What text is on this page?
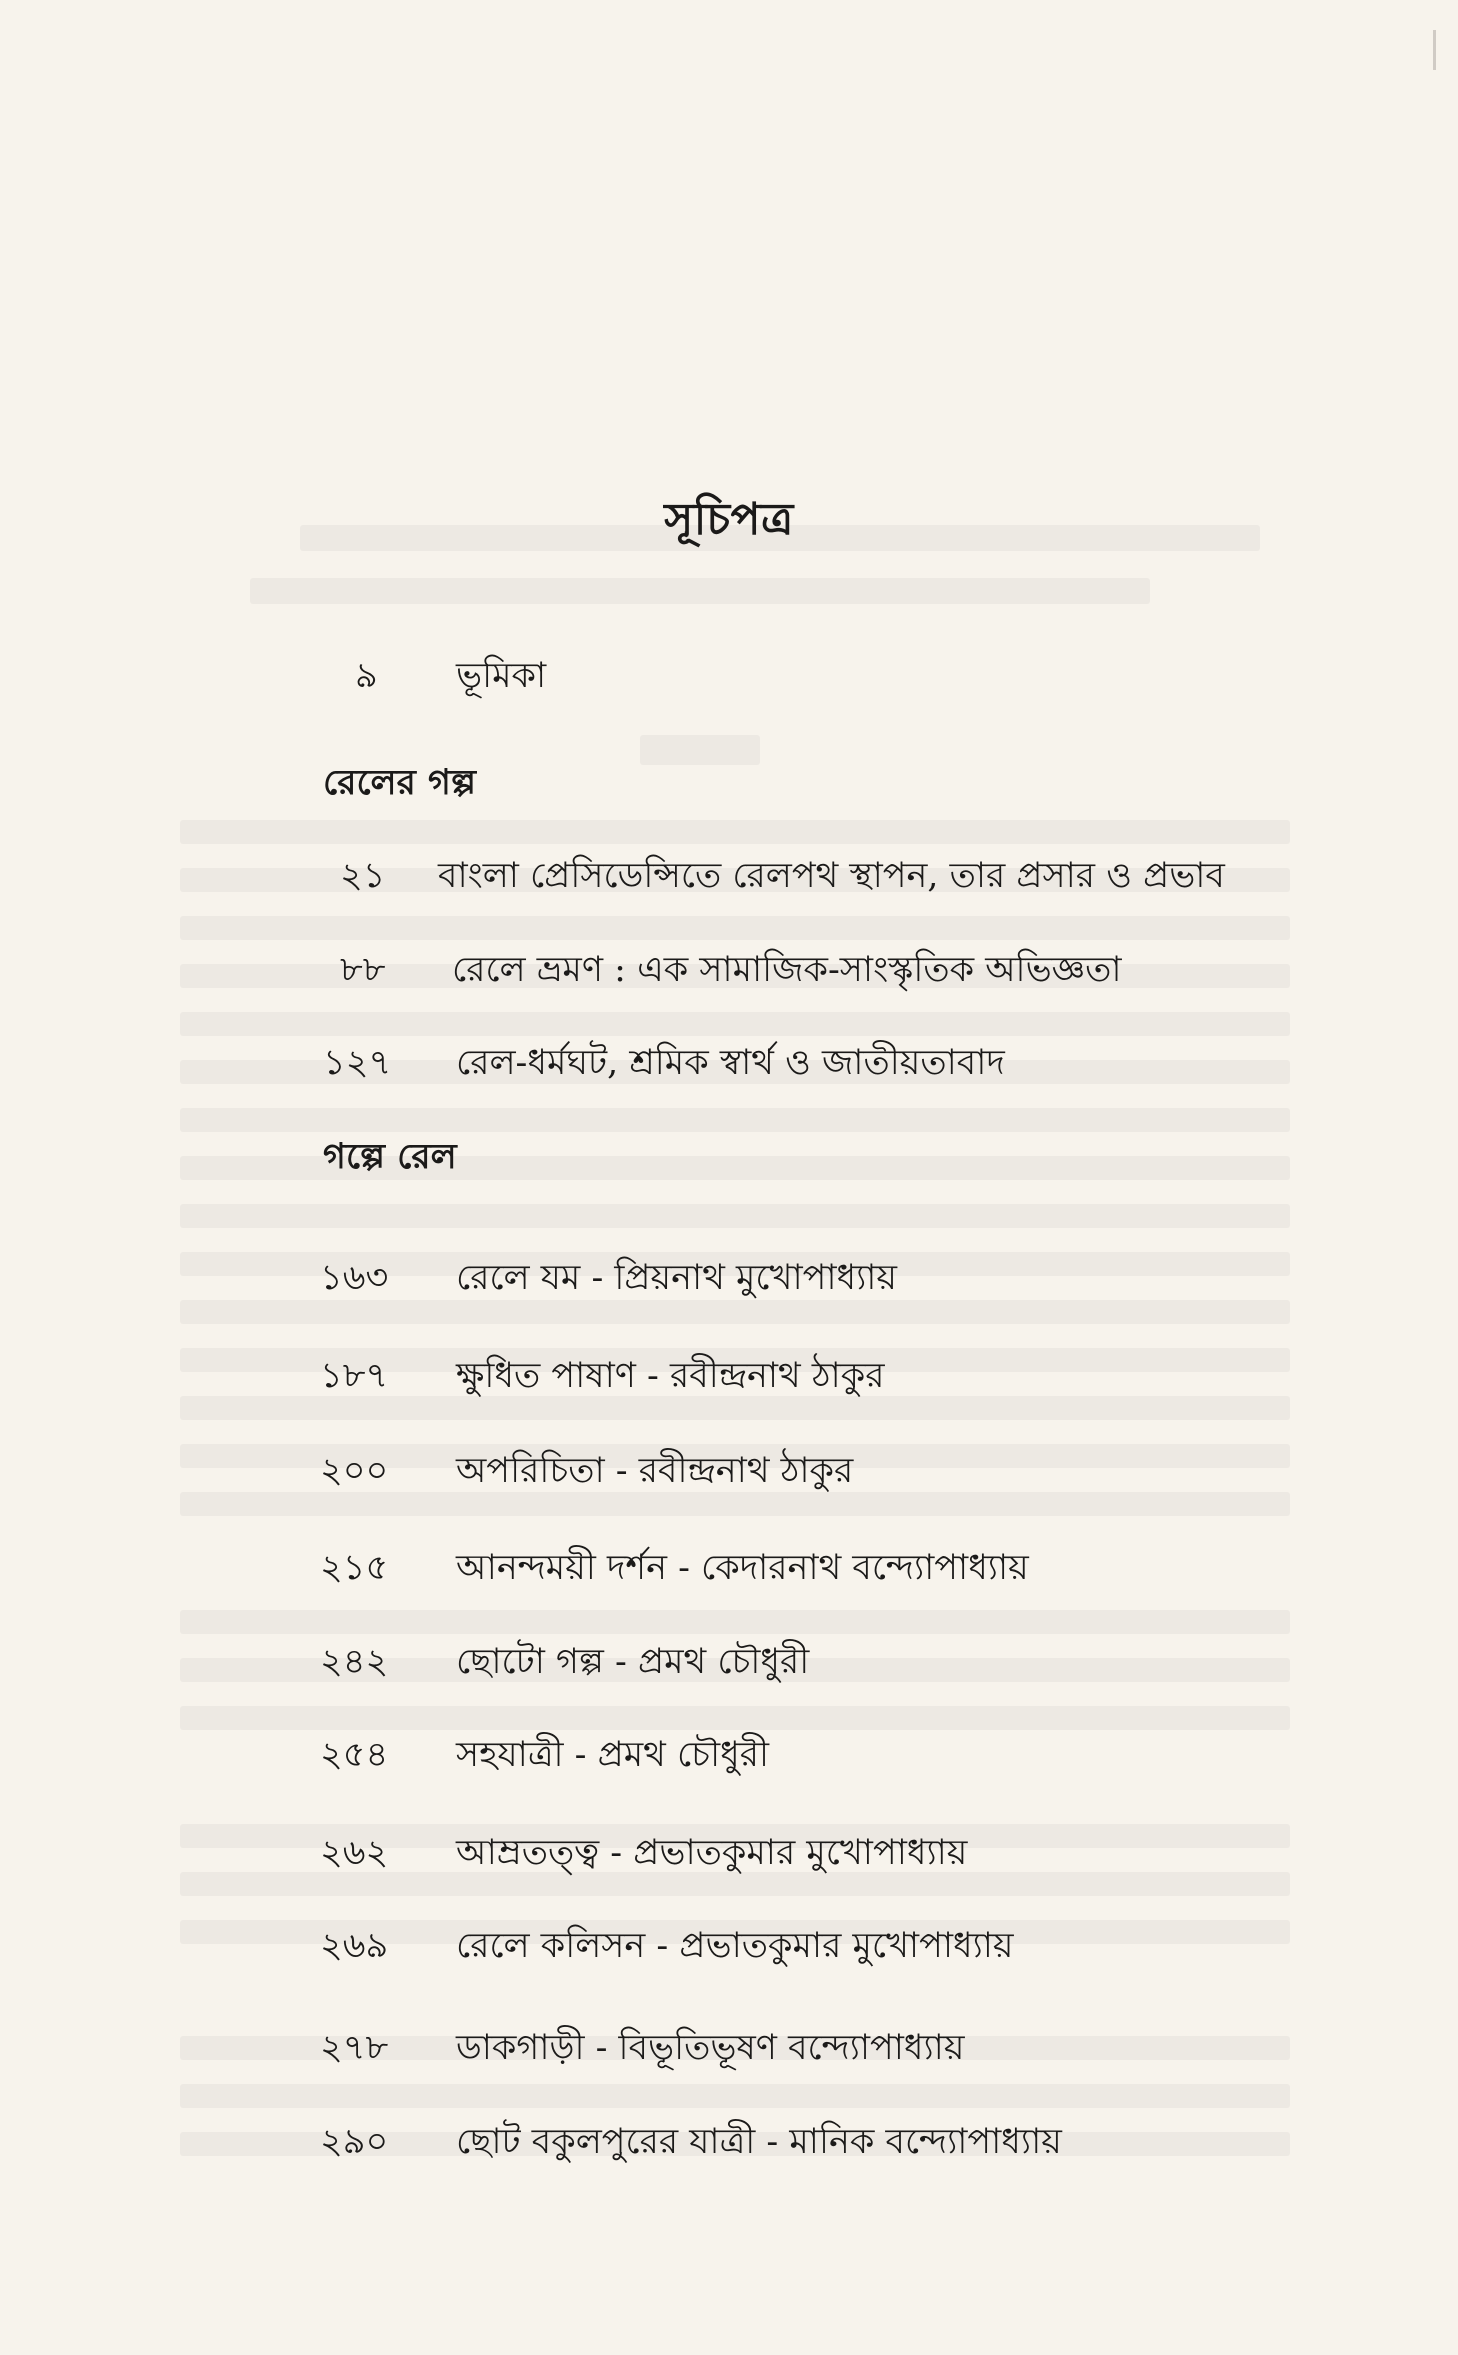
সূচিপত্র
৯	ভূমিকা
রেলের গল্প
২১	বাংলা প্রেসিডেন্সিতে রেলপথ স্থাপন, তার প্রসার ও প্রভাব
৮৮	রেলে ভ্রমণ : এক সামাজিক-সাংস্কৃতিক অভিজ্ঞতা
১২৭	রেল-ধর্মঘট, শ্রমিক স্বার্থ ও জাতীয়তাবাদ
গল্পে রেল
১৬৩	রেলে যম - প্রিয়নাথ মুখোপাধ্যায়
১৮৭	ক্ষুধিত পাষাণ - রবীন্দ্রনাথ ঠাকুর
২০০	অপরিচিতা - রবীন্দ্রনাথ ঠাকুর
২১৫	আনন্দময়ী দর্শন - কেদারনাথ বন্দ্যোপাধ্যায়
২৪২	ছোটো গল্প - প্রমথ চৌধুরী
২৫৪	সহযাত্রী - প্রমথ চৌধুরী
২৬২	আম্রতত্ত্ব - প্রভাতকুমার মুখোপাধ্যায়
২৬৯	রেলে কলিসন - প্রভাতকুমার মুখোপাধ্যায়
২৭৮	ডাকগাড়ী - বিভূতিভূষণ বন্দ্যোপাধ্যায়
২৯০	ছোট বকুলপুরের যাত্রী - মানিক বন্দ্যোপাধ্যায়
